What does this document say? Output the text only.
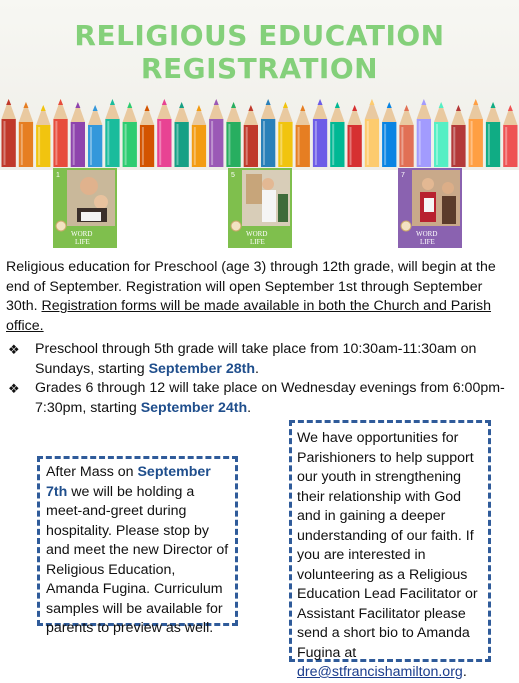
RELIGIOUS EDUCATION
REGISTRATION
1
WORD
LIFE
5
WORD
LIFE
7
WORD
LIFE

Religious education for Preschool (age 3) through 12th grade, will begin at the end of September. Registration will open September 1st through September 30th. Registration forms will be made available in both the Church and Parish office.

❖ Preschool through 5th grade will take place from 10:30am-11:30am on Sundays, starting September 28th.
❖ Grades 6 through 12 will take place on Wednesday evenings from 6:00pm-7:30pm, starting September 24th.
After Mass on September 7th we will be holding a meet-and-greet during hospitality. Please stop by and meet the new Director of Religious Education, Amanda Fugina. Curriculum samples will be available for parents to preview as well.
We have opportunities for Parishioners to help support our youth in strengthening their relationship with God and in gaining a deeper understanding of our faith. If you are interested in volunteering as a Religious Education Lead Facilitator or Assistant Facilitator please send a short bio to Amanda Fugina at dre@stfrancishamilton.org.
